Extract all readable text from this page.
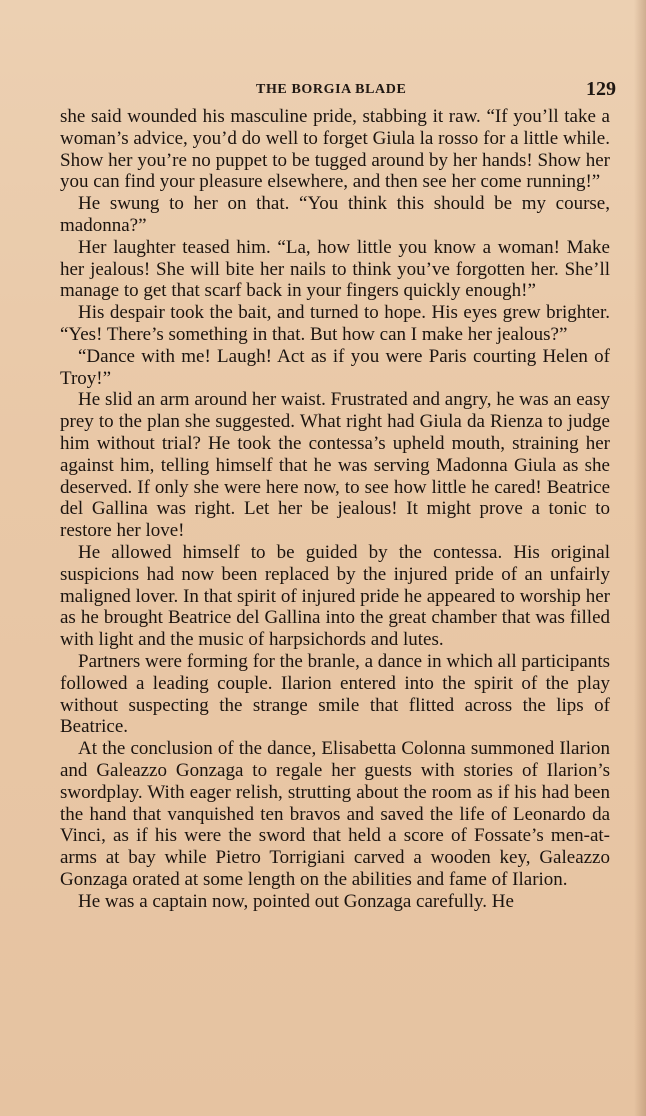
THE BORGIA BLADE	129

she said wounded his masculine pride, stabbing it raw. “If you’ll take a woman’s advice, you’d do well to forget Giula la rosso for a little while. Show her you’re no puppet to be tugged around by her hands! Show her you can find your pleasure elsewhere, and then see her come running!”

He swung to her on that. “You think this should be my course, madonna?”

Her laughter teased him. “La, how little you know a woman! Make her jealous! She will bite her nails to think you’ve forgotten her. She’ll manage to get that scarf back in your fingers quickly enough!”

His despair took the bait, and turned to hope. His eyes grew brighter. “Yes! There’s something in that. But how can I make her jealous?”

“Dance with me! Laugh! Act as if you were Paris courting Helen of Troy!”

He slid an arm around her waist. Frustrated and angry, he was an easy prey to the plan she suggested. What right had Giula da Rienza to judge him without trial? He took the contessa’s upheld mouth, straining her against him, telling himself that he was serving Madonna Giula as she deserved. If only she were here now, to see how little he cared! Beatrice del Gallina was right. Let her be jealous! It might prove a tonic to restore her love!

He allowed himself to be guided by the contessa. His original suspicions had now been replaced by the injured pride of an unfairly maligned lover. In that spirit of injured pride he appeared to worship her as he brought Beatrice del Gallina into the great chamber that was filled with light and the music of harpsichords and lutes.

Partners were forming for the branle, a dance in which all participants followed a leading couple. Ilarion entered into the spirit of the play without suspecting the strange smile that flitted across the lips of Beatrice.

At the conclusion of the dance, Elisabetta Colonna summoned Ilarion and Galeazzo Gonzaga to regale her guests with stories of Ilarion’s swordplay. With eager relish, strutting about the room as if his had been the hand that vanquished ten bravos and saved the life of Leonardo da Vinci, as if his were the sword that held a score of Fossate’s men-at-arms at bay while Pietro Torrigiani carved a wooden key, Galeazzo Gonzaga orated at some length on the abilities and fame of Ilarion.

He was a captain now, pointed out Gonzaga carefully. He
